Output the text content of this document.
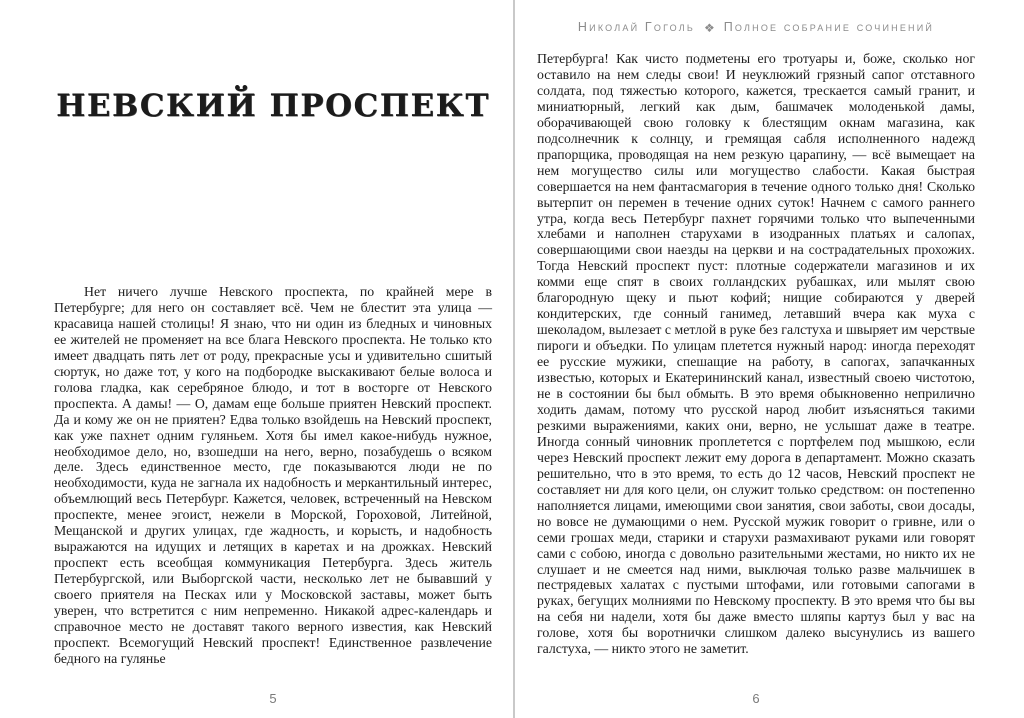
НЕВСКИЙ ПРОСПЕКТ

Нет ничего лучше Невского проспекта, по крайней мере в Петербурге; для него он составляет всё. Чем не блестит эта улица — красавица нашей столицы! Я знаю, что ни один из бледных и чиновных ее жителей не променяет на все блага Невского проспекта. Не только кто имеет двадцать пять лет от роду, прекрасные усы и удивительно сшитый сюртук, но даже тот, у кого на подбородке выскакивают белые волоса и голова гладка, как серебряное блюдо, и тот в восторге от Невского проспекта. А дамы! — О, дамам еще больше приятен Невский проспект. Да и кому же он не приятен? Едва только взойдешь на Невский проспект, как уже пахнет одним гуляньем. Хотя бы имел какое-нибудь нужное, необходимое дело, но, взошедши на него, верно, позабудешь о всяком деле. Здесь единственное место, где показываются люди не по необходимости, куда не загнала их надобность и меркантильный интерес, объемлющий весь Петербург. Кажется, человек, встреченный на Невском проспекте, менее эгоист, нежели в Морской, Гороховой, Литейной, Мещанской и других улицах, где жадность, и корысть, и надобность выражаются на идущих и летящих в каретах и на дрожках. Невский проспект есть всеобщая коммуникация Петербурга. Здесь житель Петербургской, или Выборгской части, несколько лет не бывавший у своего приятеля на Песках или у Московской заставы, может быть уверен, что встретится с ним непременно. Никакой адрес-календарь и справочное место не доставят такого верного известия, как Невский проспект. Всемогущий Невский проспект! Единственное развлечение бедного на гулянье

5
Николай Гоголь ❖ Полное собрание сочинений

Петербурга! Как чисто подметены его тротуары и, боже, сколько ног оставило на нем следы свои! И неуклюжий грязный сапог отставного солдата, под тяжестью которого, кажется, трескается самый гранит, и миниатюрный, легкий как дым, башмачек молоденькой дамы, оборачивающей свою головку к блестящим окнам магазина, как подсолнечник к солнцу, и гремящая сабля исполненного надежд прапорщика, проводящая на нем резкую царапину, — всё вымещает на нем могущество силы или могущество слабости. Какая быстрая совершается на нем фантасмагория в течение одного только дня! Сколько вытерпит он перемен в течение одних суток! Начнем с самого раннего утра, когда весь Петербург пахнет горячими только что выпеченными хлебами и наполнен старухами в изодранных платьях и салопах, совершающими свои наезды на церкви и на сострадательных прохожих. Тогда Невский проспект пуст: плотные содержатели магазинов и их комми еще спят в своих голландских рубашках, или мылят свою благородную щеку и пьют кофий; нищие собираются у дверей кондитерских, где сонный ганимед, летавший вчера как муха с шеколадом, вылезает с метлой в руке без галстуха и швыряет им черствые пироги и объедки. По улицам плетется нужный народ: иногда переходят ее русские мужики, спешащие на работу, в сапогах, запачканных известью, которых и Екатерининский канал, известный своею чистотою, не в состоянии бы был обмыть. В это время обыкновенно неприлично ходить дамам, потому что русской народ любит изъясняться такими резкими выражениями, каких они, верно, не услышат даже в театре. Иногда сонный чиновник проплетется с портфелем под мышкою, если через Невский проспект лежит ему дорога в департамент. Можно сказать решительно, что в это время, то есть до 12 часов, Невский проспект не составляет ни для кого цели, он служит только средством: он постепенно наполняется лицами, имеющими свои занятия, свои заботы, свои досады, но вовсе не думающими о нем. Русской мужик говорит о гривне, или о семи грошах меди, старики и старухи размахивают руками или говорят сами с собою, иногда с довольно разительными жестами, но никто их не слушает и не смеется над ними, выключая только разве мальчишек в пестрядевых халатах с пустыми штофами, или готовыми сапогами в руках, бегущих молниями по Невскому проспекту. В это время что бы вы на себя ни надели, хотя бы даже вместо шляпы картуз был у вас на голове, хотя бы воротнички слишком далеко высунулись из вашего галстуха, — никто этого не заметит.

6
